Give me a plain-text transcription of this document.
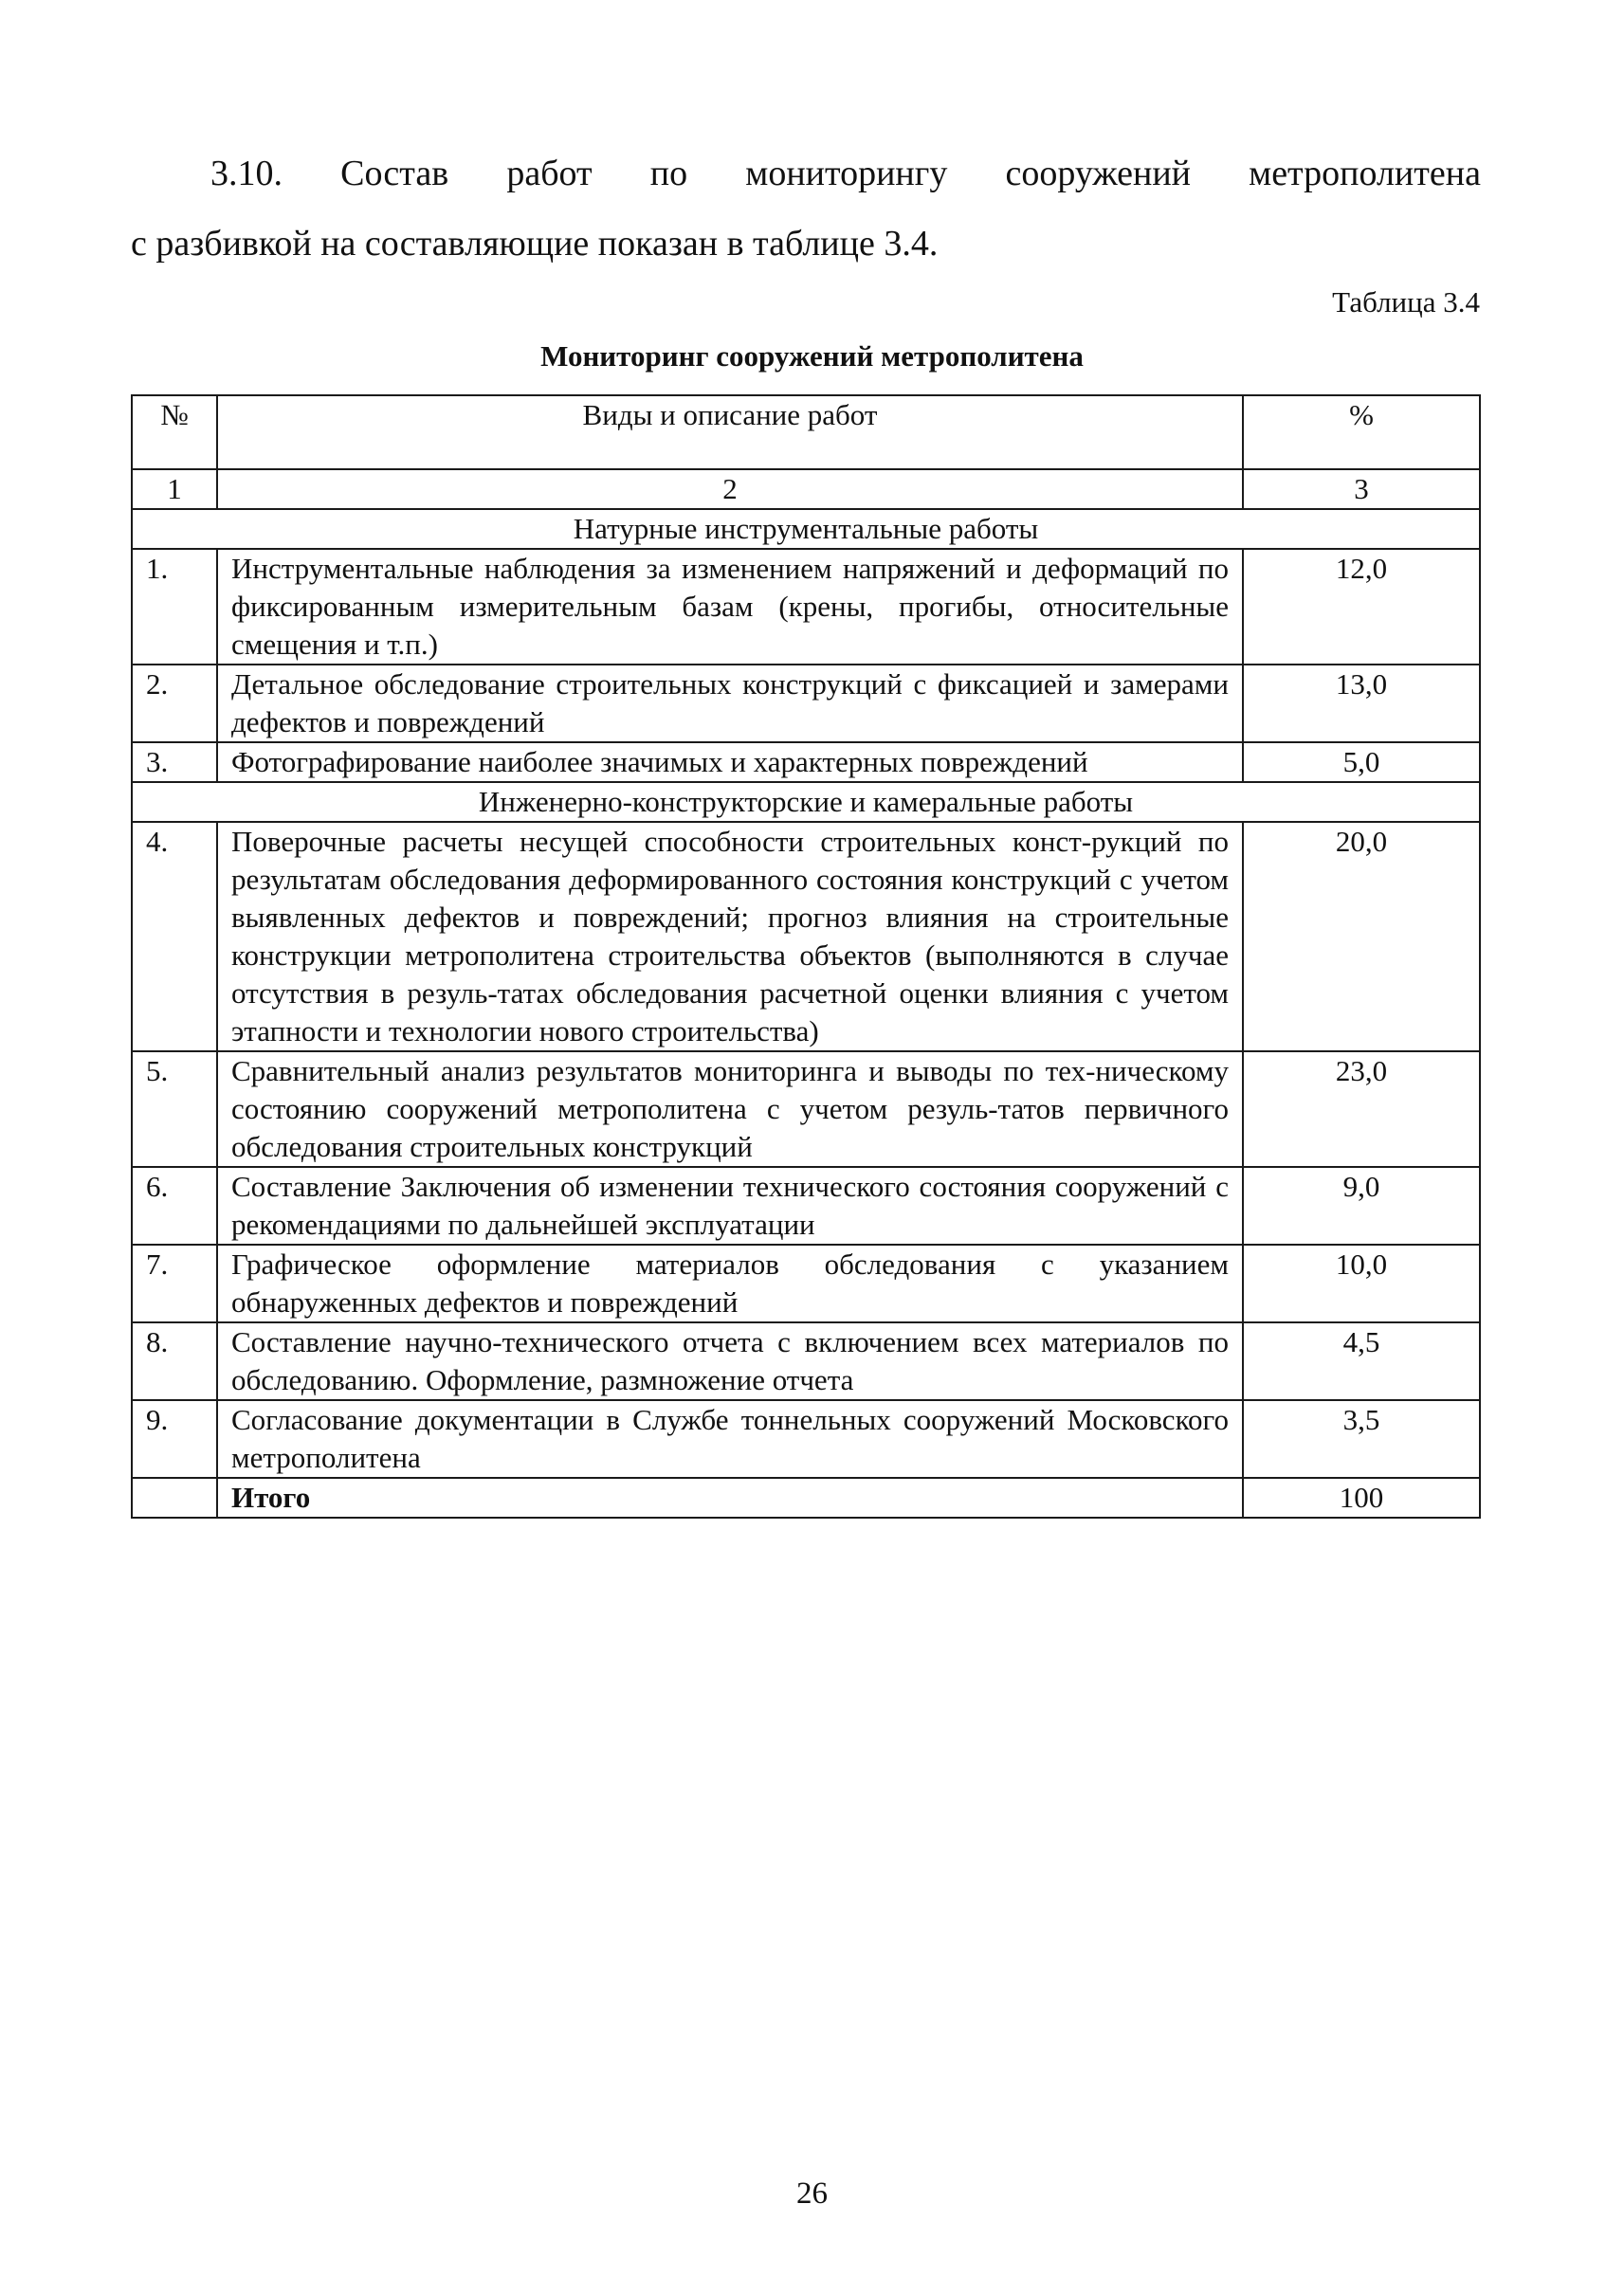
3.10. Состав работ по мониторингу сооружений метрополитена
с разбивкой на составляющие показан в таблице 3.4.
Таблица 3.4
Мониторинг сооружений метрополитена
№	Виды и описание работ	%
1	2	3
Натурные инструментальные работы		
1.	Инструментальные наблюдения за изменением напряжений и деформаций по фиксированным измерительным базам (крены, прогибы, относительные смещения и т.п.)	12,0
2.	Детальное обследование строительных конструкций с фиксацией и замерами дефектов и повреждений	13,0
3.	Фотографирование наиболее значимых и характерных повреждений	5,0
Инженерно-конструкторские и камеральные работы		
4.	Поверочные расчеты несущей способности строительных конст-рукций по результатам обследования деформированного состояния конструкций с учетом выявленных дефектов и повреждений; прогноз влияния на строительные конструкции метрополитена строительства объектов (выполняются в случае отсутствия в резуль-татах обследования расчетной оценки влияния с учетом этапности и технологии нового строительства)	20,0
5.	Сравнительный анализ результатов мониторинга и выводы по тех-ническому состоянию сооружений метрополитена с учетом резуль-татов первичного обследования строительных конструкций	23,0
6.	Составление Заключения об изменении технического состояния сооружений с рекомендациями по дальнейшей эксплуатации	9,0
7.	Графическое оформление материалов обследования с указанием обнаруженных дефектов и повреждений	10,0
8.	Составление научно-технического отчета с включением всех материалов по обследованию. Оформление, размножение отчета	4,5
9.	Согласование документации в Службе тоннельных сооружений Московского метрополитена	3,5
	Итого	100
26
